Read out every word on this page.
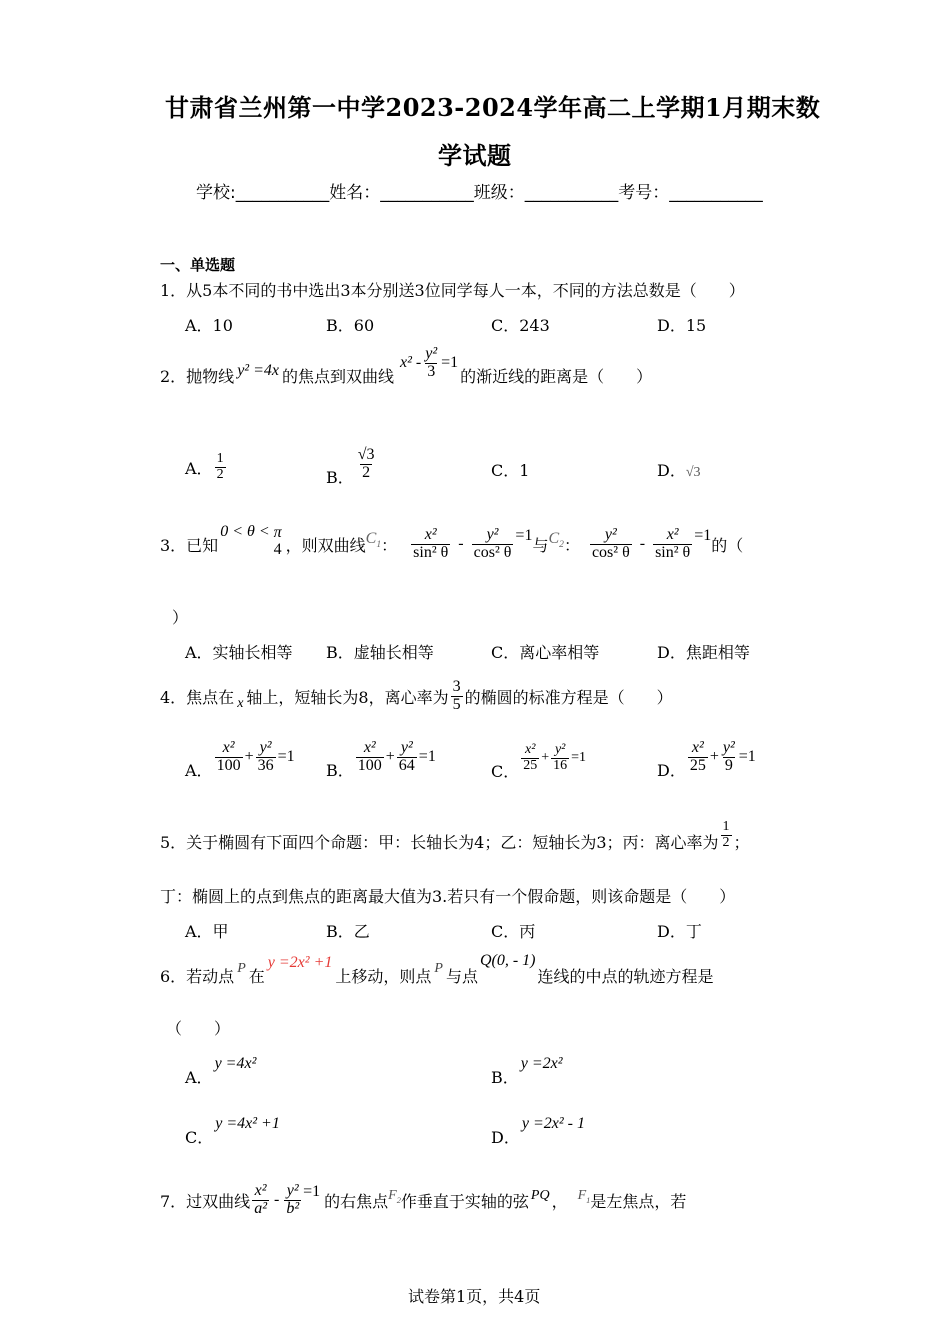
甘肃省兰州第一中学2023-2024学年高二上学期1月期末数
学试题
学校:___________姓名：___________班级：___________考号：___________
一、单选题
1．从5本不同的书中选出3本分别送3位同学每人一本，不同的方法总数是（　　）
A．10	B．60	C．243	D．15
2．抛物线 y² =4x 的焦点到双曲线
$x^2 - \frac{\text{y²}}{3} =1$
的渐近线的距离是（　　）
A． $\frac{1}{2}$	B． $\frac{√3}{2}$	C．1	D．√3
3．已知
0 < θ < π
4 ，则双曲线 $C_1$ ： $\frac{\text{x²}}{\text{sin² θ}} - \frac{\text{y²}}{\text{cos² θ}} =1$ 与 $C_2$ ： $\frac{\text{y²}}{\text{cos² θ}} - \frac{\text{x²}}{\text{sin² θ}} =1$ 的（
）
A．实轴长相等 B．虚轴长相等	C．离心率相等	D．焦距相等
4．焦点在 x 轴上，短轴长为8，离心率为 $\frac{3}{5}$ 的椭圆的标准方程是（　　）
A． $\frac{\text{x²}}{100} + \frac{\text{y²}}{36} =1$
B． $\frac{\text{x²}}{100} + \frac{\text{y²}}{64} =1$
C． $\frac{\text{x²}}{25} + \frac{\text{y²}}{16} =1$
D． $\frac{\text{x²}}{25} + \frac{\text{y²}}{9} =1$
5．关于椭圆有下面四个命题：甲：长轴长为4；乙：短轴长为3；丙：离心率为 $\frac{1}{2}$ ；
丁：椭圆上的点到焦点的距离最大值为3.若只有一个假命题，则该命题是（　　）
A．甲	B．乙	C．丙	D．丁
6．若动点 P 在
y =2x² +1
上移动，则点 P 与点
Q(0, - 1)
连线的中点的轨迹方程是
（　　）
A．y =4x²
B．y =2x²
C．y =4x² +1
D．y =2x² - 1
7．过双曲线 $\frac{\text{x²}}{\text{a²}} - \frac{\text{y²}}{\text{b²}} =1$ 的右焦点 $F_2$ 作垂直于实轴的弦 PQ ， $F_1$ 是左焦点，若
试卷第1页，共4页
